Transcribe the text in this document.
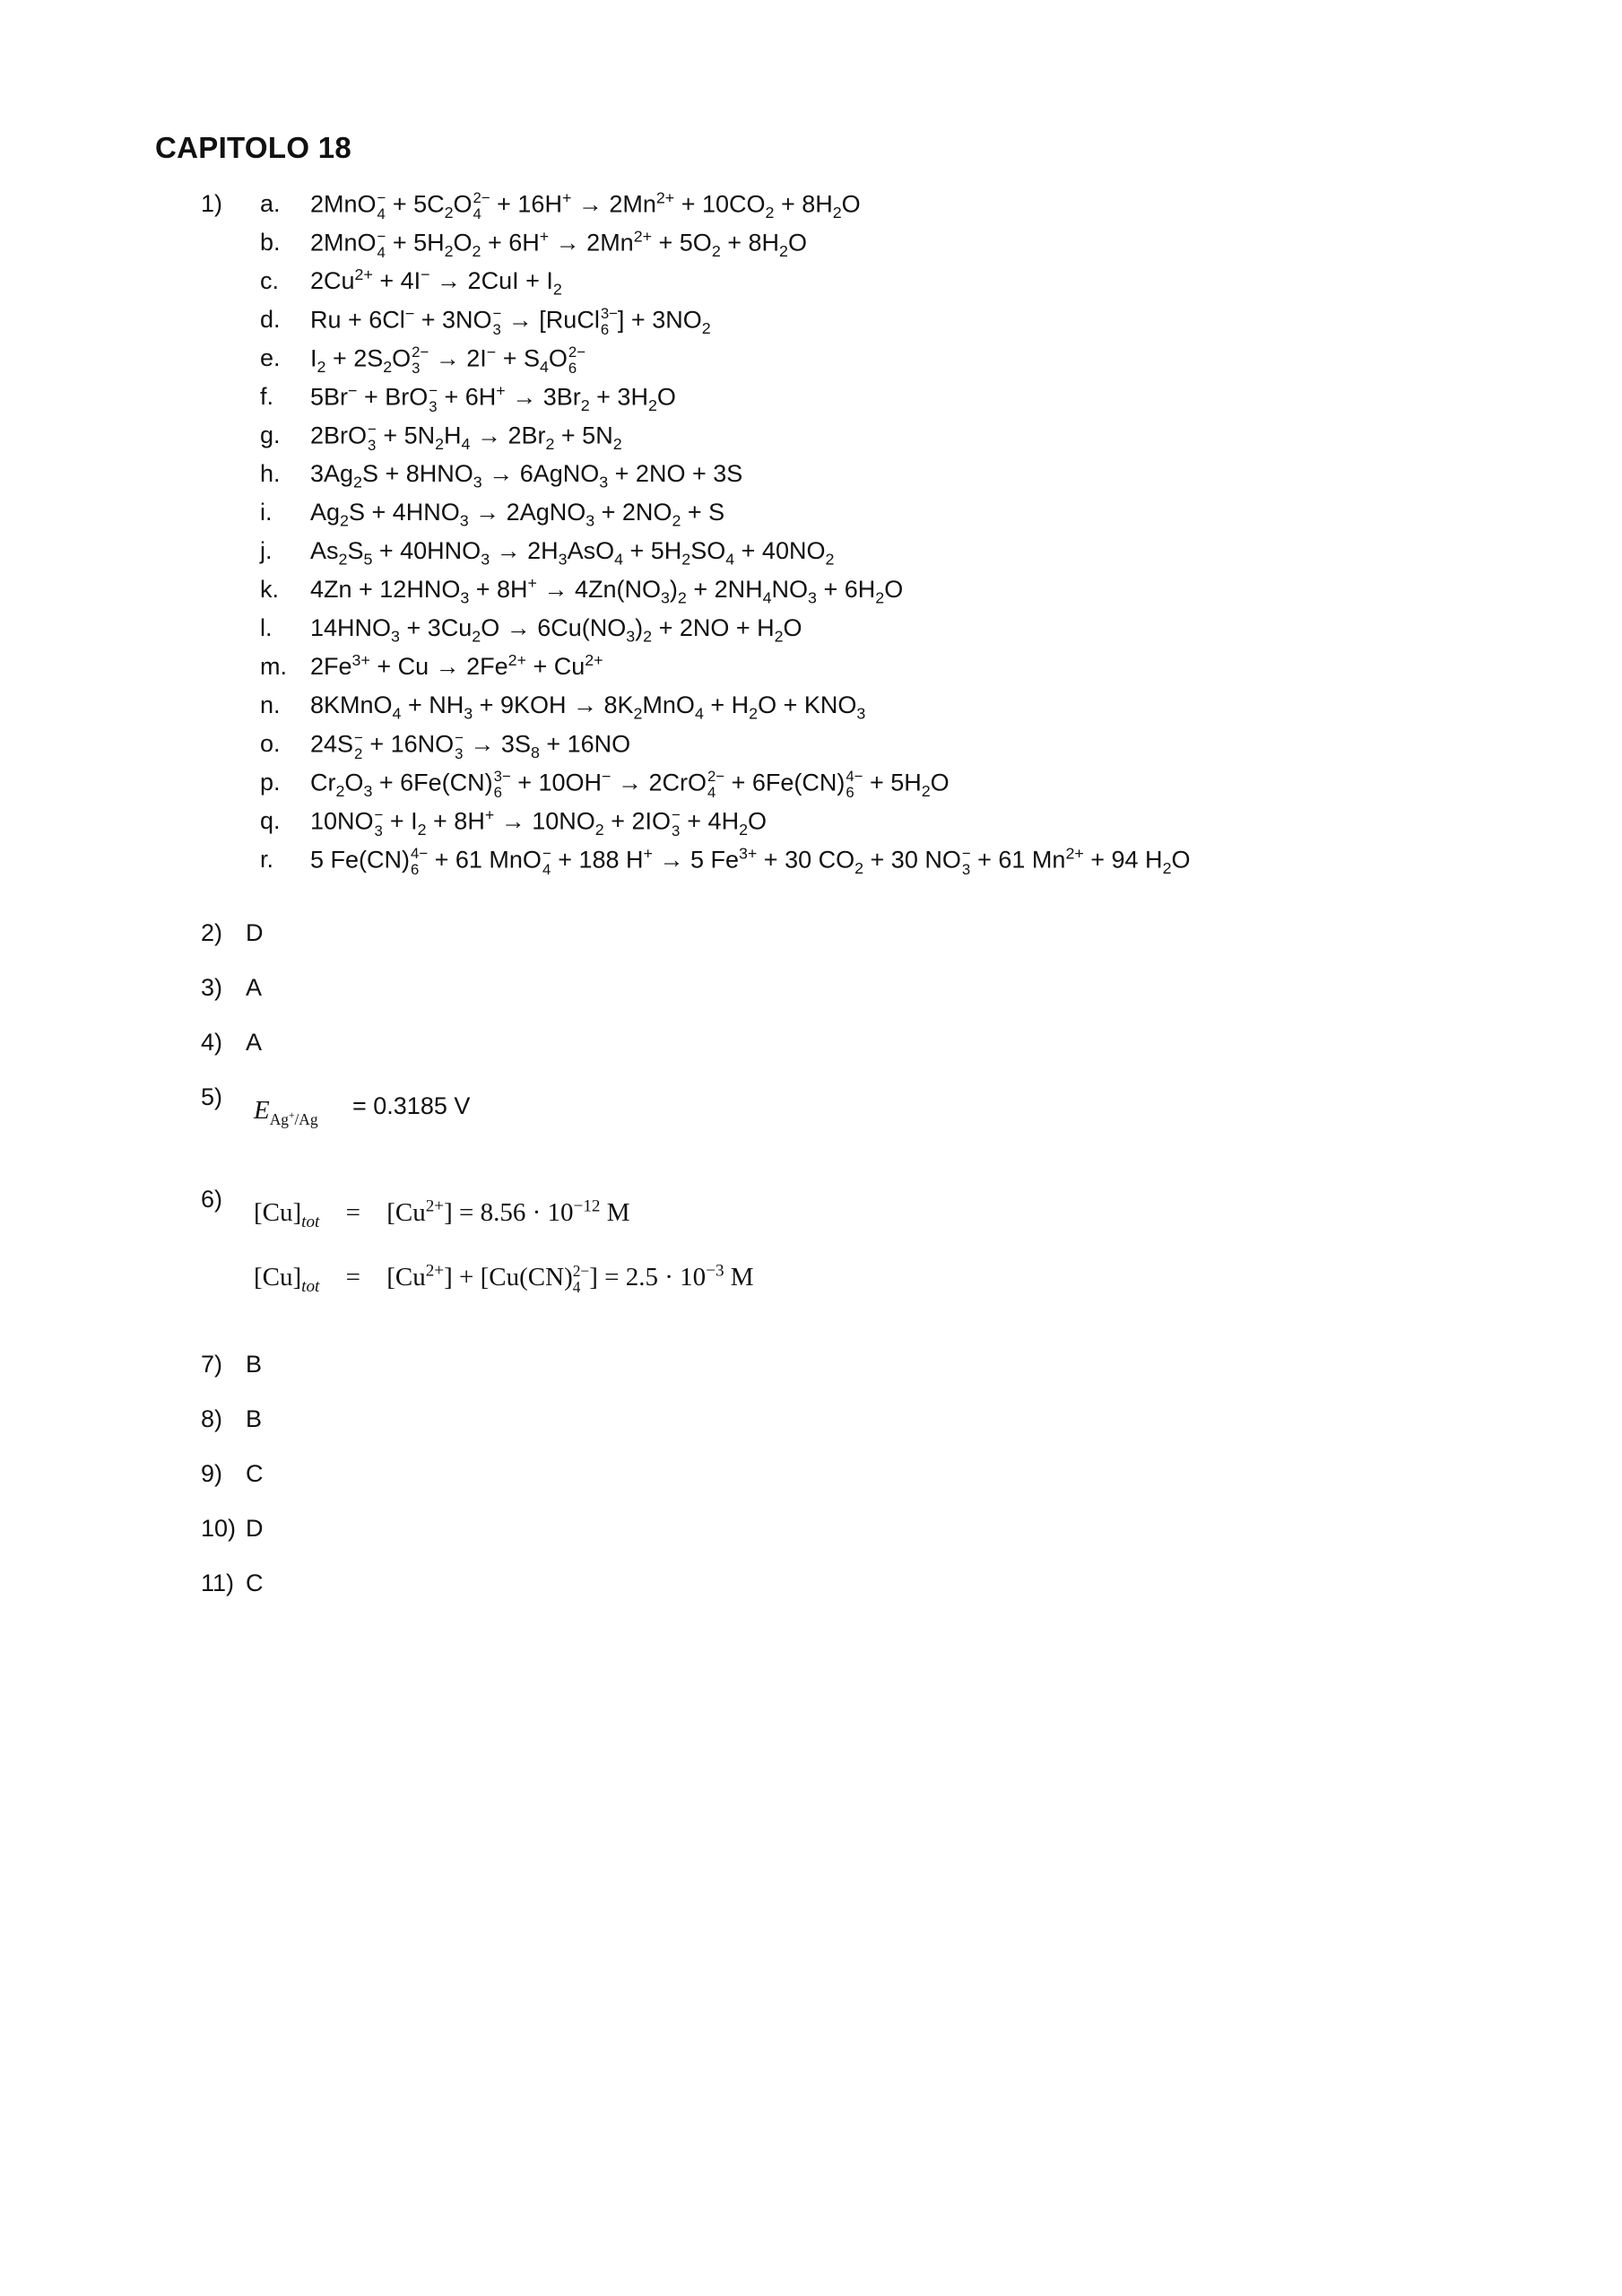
CAPITOLO 18
1) a.	2MnO −
$4 + 5C_2O$ 2−
$4 + 16H^+ \to 2Mn^{2+} + 10CO_2 + 8H_2O$
b.	2MnO −
$4 + 5H_2O_2 + 6H^+ \to 2Mn^{2+} + 5O_2 + 8H_2O$
c.	$2Cu^{2+} + 4I^- \to 2CuI + I_2$
d.	Ru + 6Cl− + 3NO −
3 → [RuCl 3−
6 ] + $3NO_2$
e.	$I_2 + 2S_2O$ 2−
$3 \to 2I^- + S_4O$ 2−
6
f.	5Br− + BrO −
$3 + 6H^+ \to 3Br_2 + 3H_2O$
g.	2BrO −
$3 + 5N_2H_4 \to 2Br_2 + 5N_2$
h.	$3Ag_2S + 8HNO_3$ → 6AgNO$_3$ + 2NO + 3S
i.	$Ag_2S + 4HNO_3$ → 2AgNO$_3$ + $2NO_2 + S$
j.	$As_2S_5 + 40HNO_3 \to 2H_3AsO_4 + 5H_2SO_4 + 40NO_2$
k.	$4Zn + 12HNO_3 + 8H^+ \to 4Zn(NO_3)_2 + 2NH_4NO_3 + 6H_2O$
l.	$14HNO_3 + 3Cu_2O \to 6Cu(NO_3)_2 + 2NO + H_2O$
m. $2Fe^{3+} + Cu \to 2Fe^{2+} + Cu^{2+}$
n.	8KMnO$_4$ + $NH_3 + 9KOH \to 8K_2MnO_4 + H_2O + KNO_3$
o.	24S −
2 + 16NO −
$3 \to 3S_8 + 16NO$
p.	$Cr_2O_3 + 6Fe(CN)$ 3−
6 + 10OH− → 2CrO 2−
4 + 6Fe(CN) 4−
$6 + 5H_2O$
q.	10NO −
$3 + I_2 + 8H^+ \to 10NO_2 + 2IO$ −
$3 + 4H_2O$
r.	5 Fe(CN) 4−
6 + 61 MnO −
4 + 188 H+ → 5 $Fe^{3+} + 30$ $CO_2 + 30$ NO −
3 + 61 $Mn^{2+} + 94$ $H_2O$
2) D
3) A
4) A
5) $E_{Ag^+/Ag} = 0.3185$ V
6) $[Cu]_{tot} = [Cu^{2+}] = 8.56 \cdot 10^{-12}$ M
$[Cu]_{tot} = [Cu^{2+}] + [Cu(CN)$ 2−
4 ] = $2.5 \cdot 10^{-3}$ M
7) B
8) B
9) C
10) D
11) C
